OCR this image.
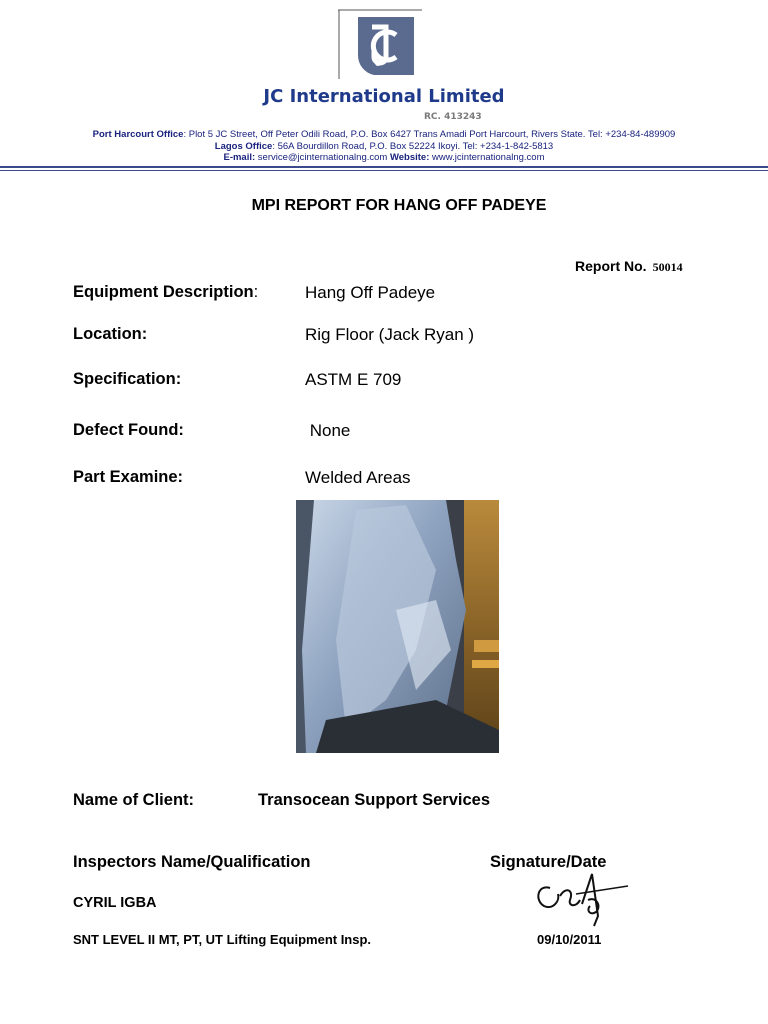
JC International Limited
RC. 413243
Port Harcourt Office: Plot 5 JC Street, Off Peter Odili Road, P.O. Box 6427 Trans Amadi Port Harcourt, Rivers State. Tel: +234-84-489909
Lagos Office: 56A Bourdillon Road, P.O. Box 52224 Ikoyi. Tel: +234-1-842-5813
E-mail: service@jcinternationalng.com Website: www.jcinternationalng.com
MPI REPORT FOR HANG OFF PADEYE
Report No. 50014
Equipment Description:	Hang Off Padeye
Location:	Rig Floor (Jack Ryan )
Specification:	ASTM E 709
Defect Found:	None
Part Examine:	Welded Areas
Name of Client:	Transocean Support Services
Inspectors Name/Qualification	Signature/Date
CYRIL IGBA
SNT LEVEL II MT, PT, UT Lifting Equipment Insp.	09/10/2011
